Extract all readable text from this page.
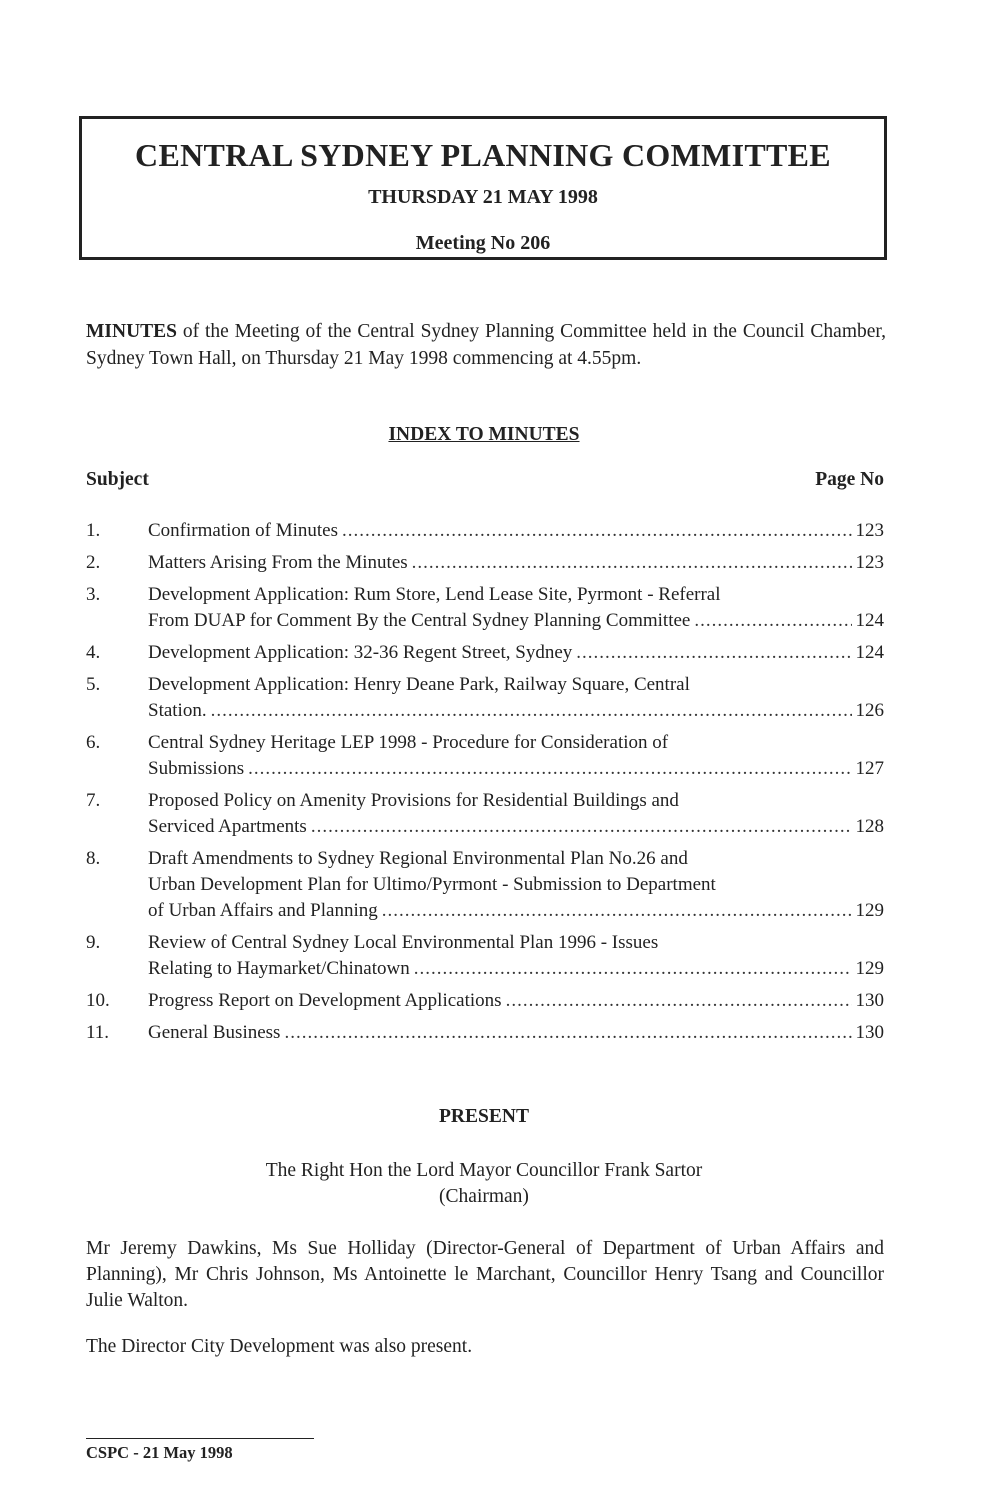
CENTRAL SYDNEY PLANNING COMMITTEE
THURSDAY 21 MAY 1998
Meeting No 206
MINUTES of the Meeting of the Central Sydney Planning Committee held in the Council Chamber, Sydney Town Hall, on Thursday 21 May 1998 commencing at 4.55pm.
INDEX TO MINUTES
Subject	Page No
1.	Confirmation of Minutes .....	123
2.	Matters Arising From the Minutes .....	123
3.	Development Application: Rum Store, Lend Lease Site, Pyrmont - Referral
From DUAP for Comment By the Central Sydney Planning Committee .....	124
4.	Development Application: 32-36 Regent Street, Sydney .....	124
5.	Development Application: Henry Deane Park, Railway Square, Central
Station. .....	126
6.	Central Sydney Heritage LEP 1998 - Procedure for Consideration of
Submissions .....	127
7.	Proposed Policy on Amenity Provisions for Residential Buildings and
Serviced Apartments .....	128
8.	Draft Amendments to Sydney Regional Environmental Plan No.26 and
Urban Development Plan for Ultimo/Pyrmont - Submission to Department
of Urban Affairs and Planning .....	129
9.	Review of Central Sydney Local Environmental Plan 1996 - Issues
Relating to Haymarket/Chinatown .....	129
10. Progress Report on Development Applications .....	130
11. General Business .....	130
PRESENT
The Right Hon the Lord Mayor Councillor Frank Sartor
(Chairman)
Mr Jeremy Dawkins, Ms Sue Holliday (Director-General of Department of Urban Affairs and Planning), Mr Chris Johnson, Ms Antoinette le Marchant, Councillor Henry Tsang and Councillor Julie Walton.
The Director City Development was also present.
CSPC - 21 May 1998
